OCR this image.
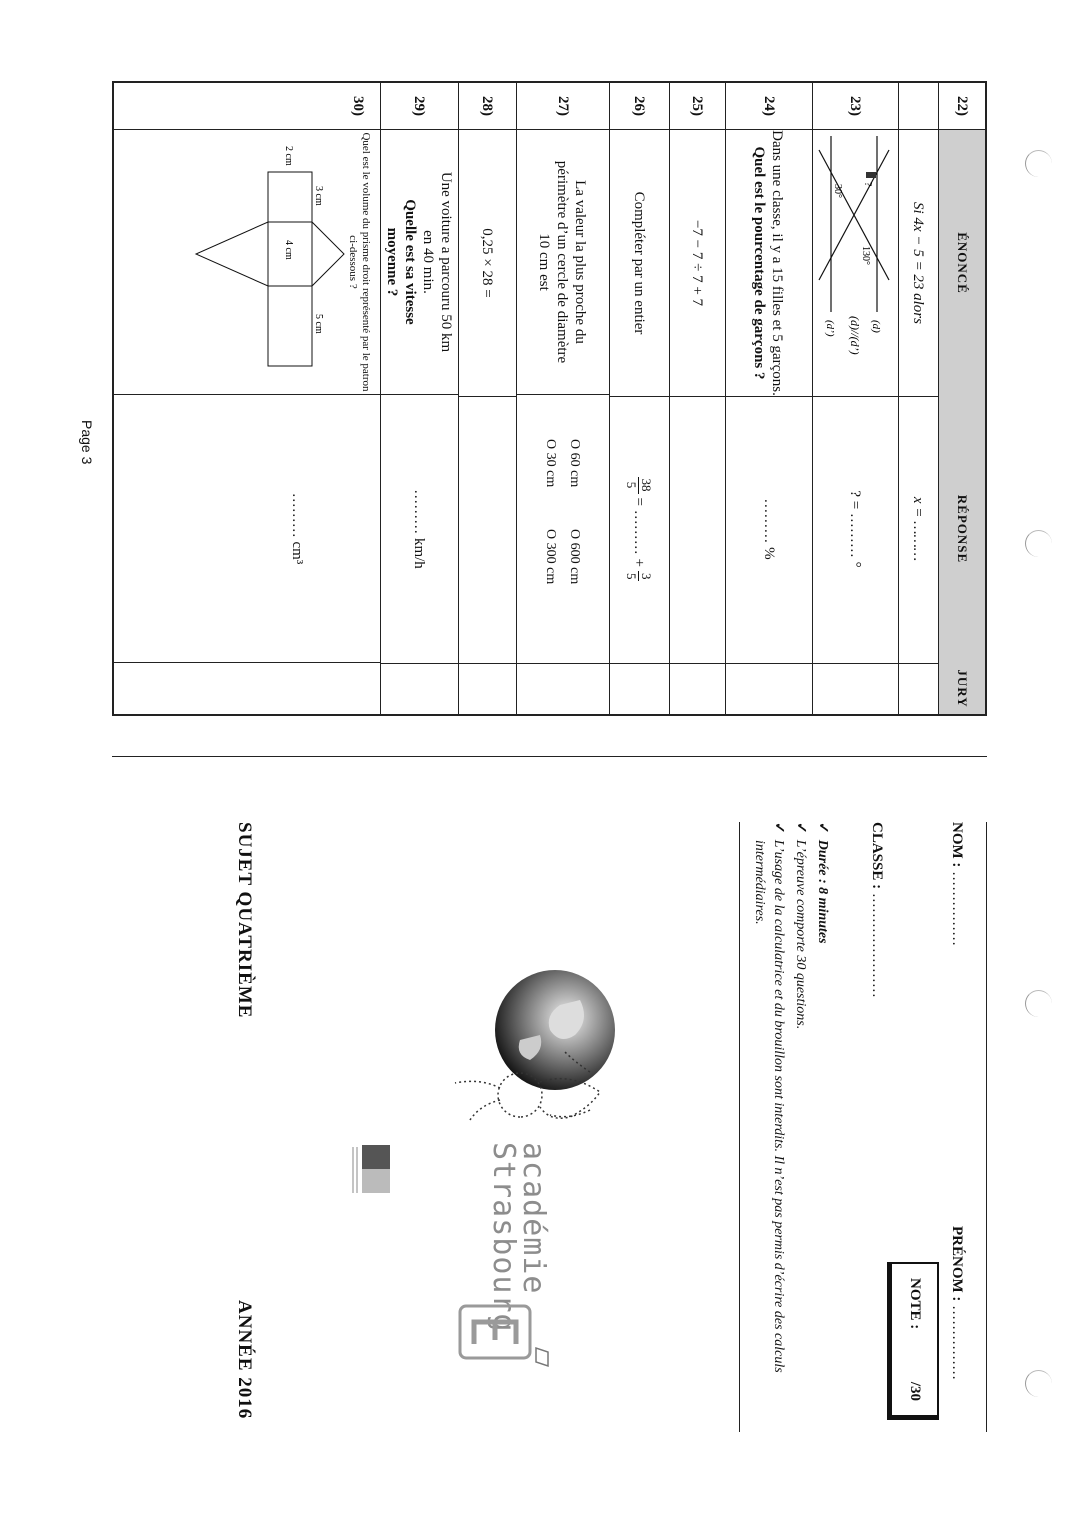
ÉNONCÉ
RÉPONSE
JURY
22)
Si 4x − 5 = 23 alors
x = ………
23)
?
130°
30°
(d)
(d)//(d’)
(d’)
? = ……… °
24)
Dans une classe, il y a 15 filles et 5 garçons.
Quel est le pourcentage de garçons ?
……… %
25)
−7 − 7 ÷ 7 + 7
26)
Compléter par un entier
38
5
= ……… +
3
5
27)
La valeur la plus proche du périmètre d’un cercle de diamètre 10 cm est
O 60 cm
O 600 cm
O 30 cm
O 300 cm
28)
0,25 × 28 =
29)
Une voiture a parcouru 50 km en 40 min.
Quelle est sa vitesse moyenne ?
……… km/h
30)
Quel est le volume du prisme droit représenté par le patron ci-dessous ?
3 cm
4 cm
5 cm
2 cm
……… cm³
Page 3
NOM : ……………
PRÉNOM : ……………
CLASSE : …………………
NOTE :
/30
✓Durée : 8 minutes
✓L’épreuve comporte 30 questions.
✓L’usage de la calculatrice et du brouillon sont interdits. Il n’est pas permis d’écrire des calculs intermédiaires.
académie
Strasbourg
SUJET QUATRIÈME
ANNÉE 2016
